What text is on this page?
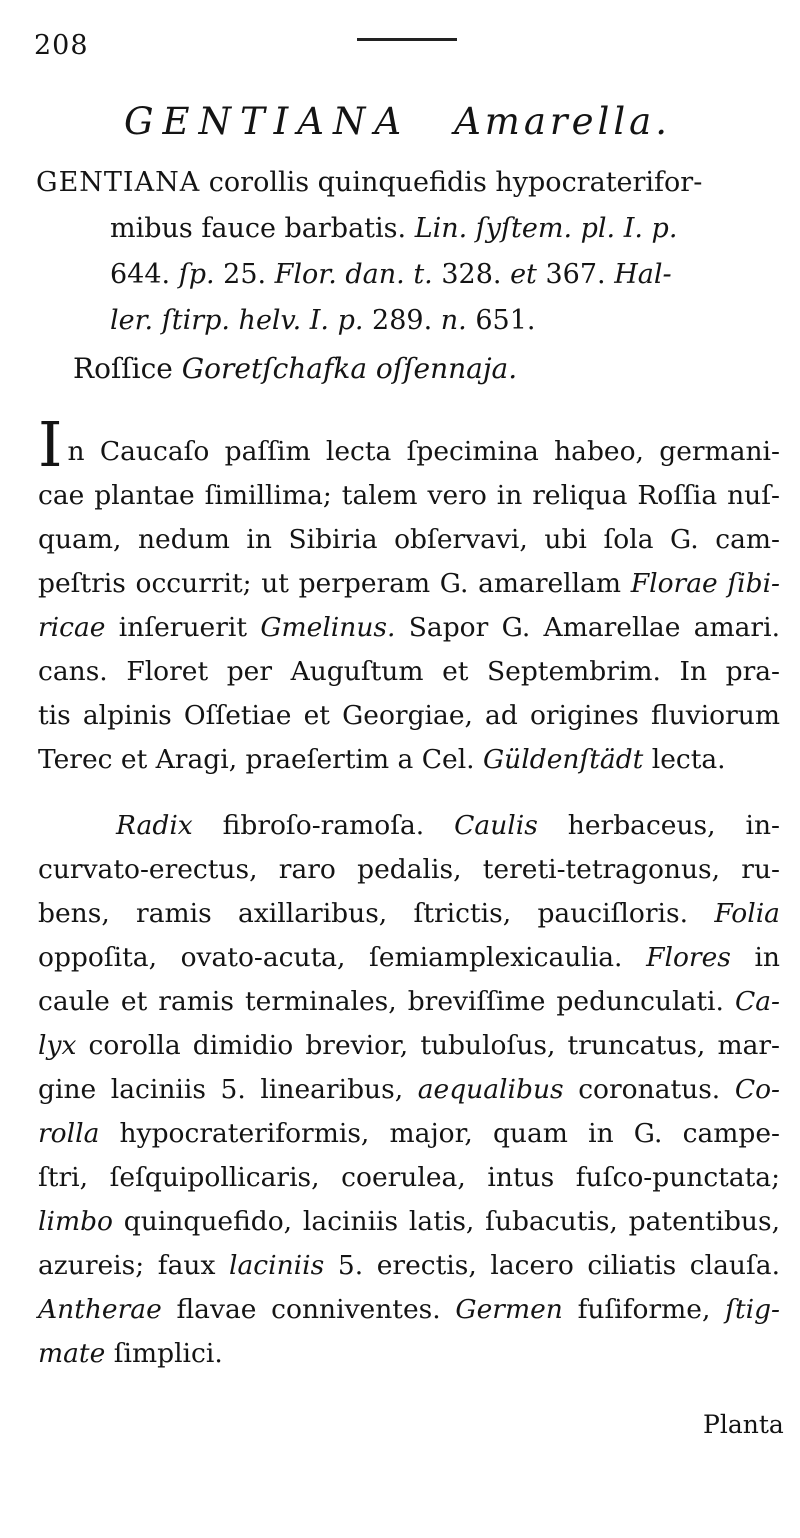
208
GENTIANA Amarella.
GENTIANA corollis quinquefidis hypocraterifor-
mibus fauce barbatis. Lin. ſyſtem. pl. I. p.
644. ſp. 25. Flor. dan. t. 328. et 367. Hal-
ler. ſtirp. helv. I. p. 289. n. 651.
Roſſice Goretſchafka oſſennaja.
In Caucaſo paſſim lecta ſpecimina habeo, germani-
cae plantae ſimillima; talem vero in reliqua Roſſia nuſ-
quam, nedum in Sibiria obſervavi, ubi ſola G. cam-
peſtris occurrit; ut perperam G. amarellam Florae ſibi-
ricae inſeruerit Gmelinus. Sapor G. Amarellae amari.
cans. Floret per Auguſtum et Septembrim. In pra-
tis alpinis Oſſetiae et Georgiae, ad origines fluviorum
Terec et Aragi, praeſertim a Cel. Güldenſtädt lecta.
Radix fibroſo-ramoſa. Caulis herbaceus, in-
curvato-erectus, raro pedalis, tereti-tetragonus, ru-
bens, ramis axillaribus, ſtrictis, pauciſloris. Folia
oppoſita, ovato-acuta, ſemiamplexicaulia. Flores in
caule et ramis terminales, breviſſime pedunculati. Ca-
lyx corolla dimidio brevior, tubuloſus, truncatus, mar-
gine laciniis 5. linearibus, aequalibus coronatus. Co-
rolla hypocrateriformis, major, quam in G. campe-
ſtri, ſeſquipollicaris, coerulea, intus fuſco-punctata;
limbo quinquefido, laciniis latis, ſubacutis, patentibus,
azureis; faux laciniis 5. erectis, lacero ciliatis clauſa.
Antherae flavae conniventes. Germen fuſiforme, ſtig-
mate ſimplici.
Planta
